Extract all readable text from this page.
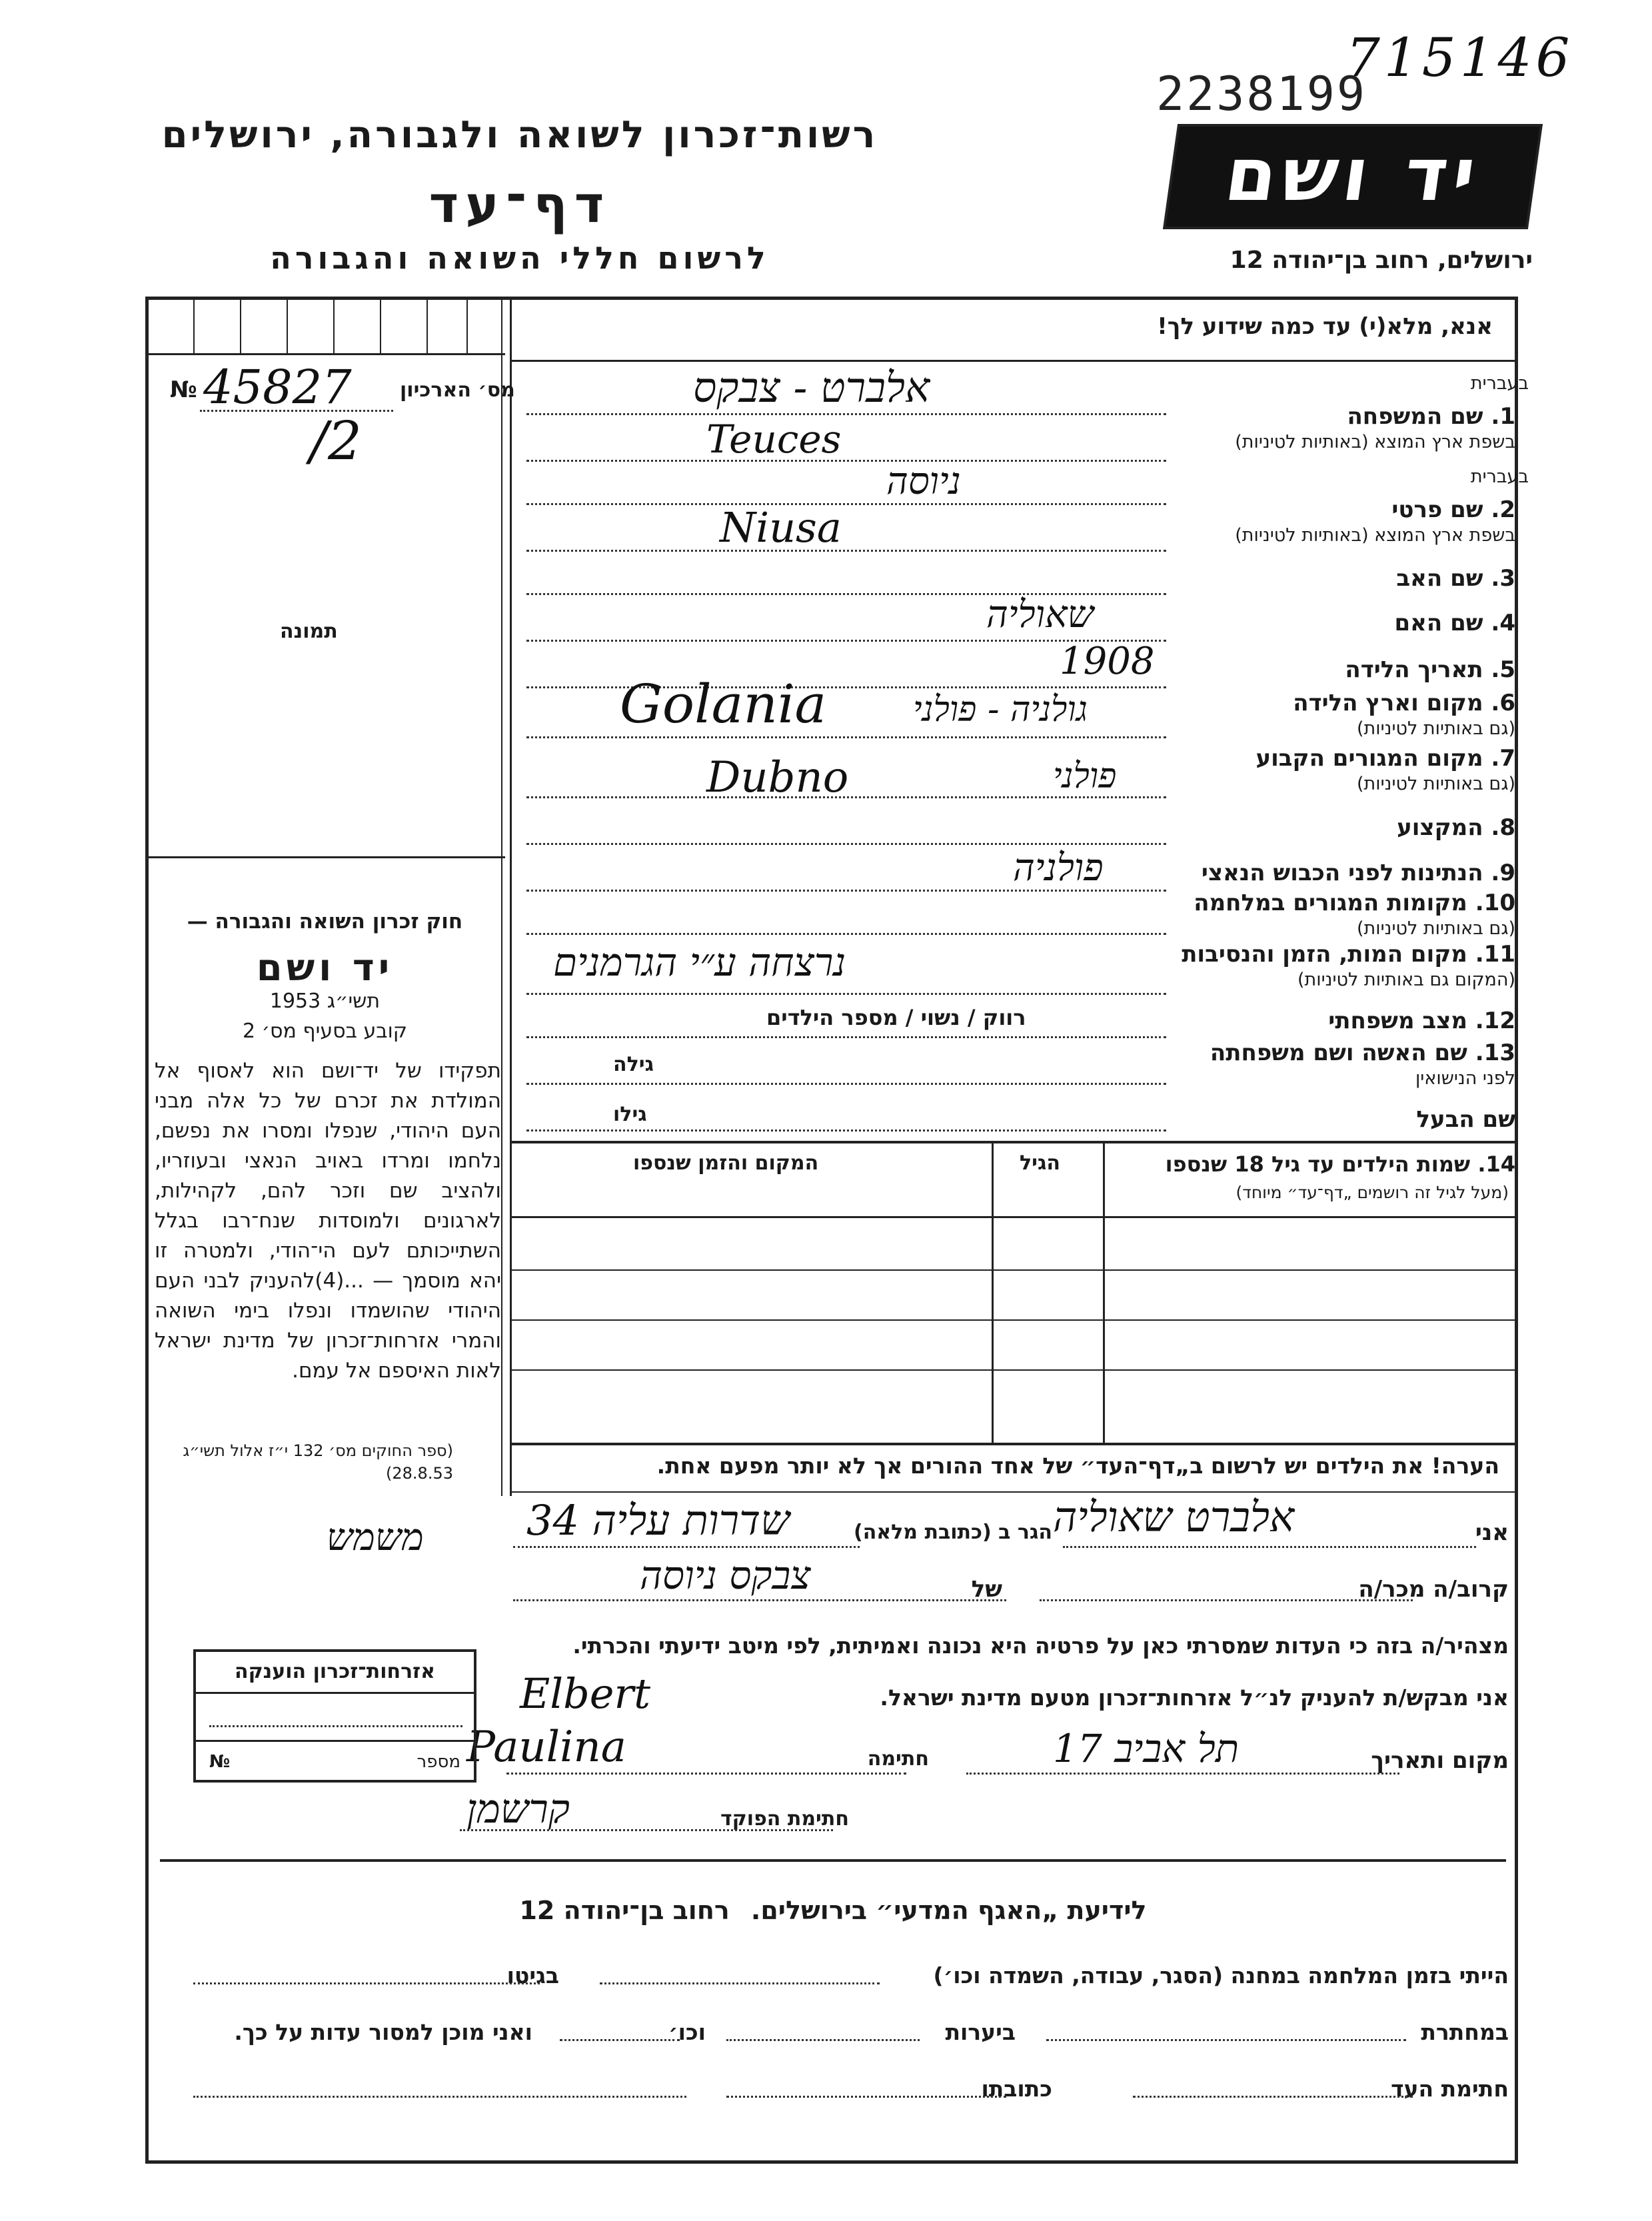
715146
2238199
רשות־זכרון לשואה ולגבורה, ירושלים
דף־עד
לרשום חללי השואה והגבורה
יד ושם
ירושלים, רחוב בן־יהודה 12
אנא, מלא(י) עד כמה שידוע לך!
№ 45827 מס׳ הארכיון
/2
תמונה
חוק זכרון השואה והגבורה —
יד ושם
תשי״ג 1953
קובע בסעיף מס׳ 2
תפקידו של יד־ושם הוא לאסוף אל המולדת את זכרם של כל אלה מבני העם היהודי, שנפלו ומסרו את נפשם, נלחמו ומרדו באויב הנאצי ובעוזריו, ולהציב שם וזכר להם, לקהילות, לארגונים ולמוסדות שנח־רבו בגלל השתייכותם לעם הי־הודי, ולמטרה זו יהא מוסמך — ...(4)להעניק לבני העם היהודי שהושמדו ונפלו בימי השואה והמרי אזרחות־זכרון של מדינת ישראל לאות האיספם אל עמם.
(ספר החוקים מס׳ 132 י״ז אלול תשי״ג 28.8.53)
בעברית
1. שם המשפחה
בשפת ארץ המוצא (באותיות לטיניות)
אלברט - צבקס
Teuces
בעברית
2. שם פרטי
בשפת ארץ המוצא (באותיות לטיניות)
ניוסה
Niusa
3. שם האב
4. שם האם
שאוליה
5. תאריך הלידה
1908
6. מקום וארץ הלידה
(גם באותיות לטיניות)
Golania גולניה - פולני
7. מקום המגורים הקבוע
(גם באותיות לטיניות)
Dubno	פולני
8. המקצוע
9. הנתינות לפני הכבוש הנאצי
פולניה
10. מקומות המגורים במלחמה
(גם באותיות לטיניות)
11. מקום המות, הזמן והנסיבות
(המקום גם באותיות לטיניות)
נרצחה ע״י הגרמנים
12. מצב משפחתי
רווק / נשוי / מספר הילדים
13. שם האשה ושם משפחתה
לפני הנישואין
גילה
שם הבעל
גילו
14. שמות הילדים עד גיל 18 שנספו
(מעל לגיל זה רושמים „דף־עד״ מיוחד)
הגיל
המקום והזמן שנספו
הערה! את הילדים יש לרשום ב„דף־העד״ של אחד ההורים אך לא יותר מפעם אחת.
אני
אלברט שאוליה
הגר ב (כתובת מלאה)
שדרות עליה 34
משמש
קרוב/ה מכר/ה
של
צבקס ניוסה
מצהיר/ה בזה כי העדות שמסרתי כאן על פרטיה היא נכונה ואמיתית, לפי מיטב ידיעתי והכרתי.
אני מבקש/ת להעניק לנ״ל אזרחות־זכרון מטעם מדינת ישראל.
Elbert
מקום ותאריך
תל אביב 17
חתימה
Paulina
חתימת הפוקד
קרשמן
אזרחות־זכרון הוענקה
מספר
№
לידיעת „האגף המדעי״ בירושלים. רחוב בן־יהודה 12
הייתי בזמן המלחמה במחנה (הסגר, עבודה, השמדה וכו׳)
בגיטו
במחתרת
ביערות
וכו׳
ואני מוכן למסור עדות על כך.
חתימת העד
כתובתו
